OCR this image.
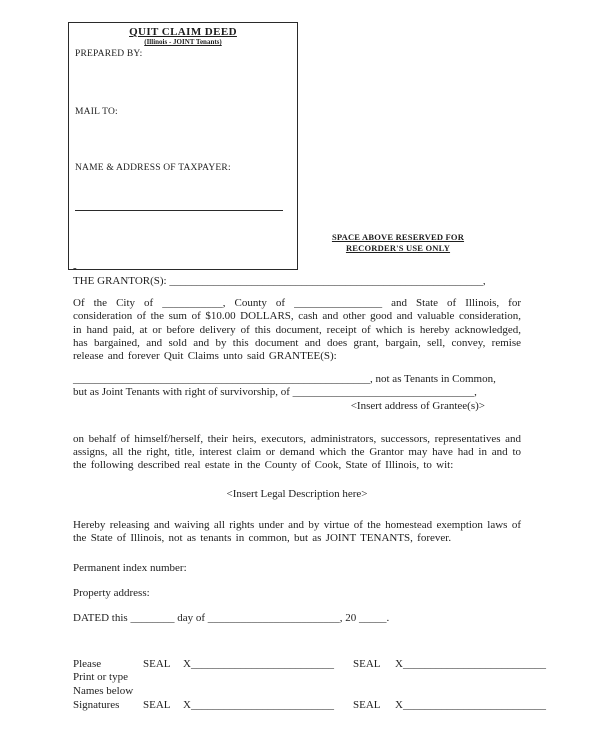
QUIT CLAIM DEED
(Illinois - JOINT Tenants)
PREPARED BY:
MAIL TO:
NAME & ADDRESS OF TAXPAYER:
SPACE ABOVE RESERVED FOR
RECORDER'S USE ONLY
-
THE GRANTOR(S): _________________________________________________________,
Of the City of ___________, County of ________________ and State of Illinois, for consideration of the sum of $10.00 DOLLARS, cash and other good and valuable consideration, in hand paid, at or before delivery of this document, receipt of which is hereby acknowledged, has bargained, and sold and by this document and does grant, bargain, sell, convey, remise release and forever Quit Claims unto said GRANTEE(S):
______________________________________________________, not as Tenants in Common,
but as Joint Tenants with right of survivorship, of _________________________________,
<Insert address of Grantee(s)>
on behalf of himself/herself, their heirs, executors, administrators, successors, representatives and assigns, all the right, title, interest claim or demand which the Grantor may have had in and to the following described real estate in the County of Cook, State of Illinois, to wit:
<Insert Legal Description here>
Hereby releasing and waiving all rights under and by virtue of the homestead exemption laws of the State of Illinois, not as tenants in common, but as JOINT TENANTS, forever.
Permanent index number:
Property address:
DATED this ________ day of ________________________, 20 _____.
Please	SEAL	X__________________________	SEAL	X__________________________
Print or type
Names below
Signatures	SEAL	X__________________________	SEAL	X__________________________
